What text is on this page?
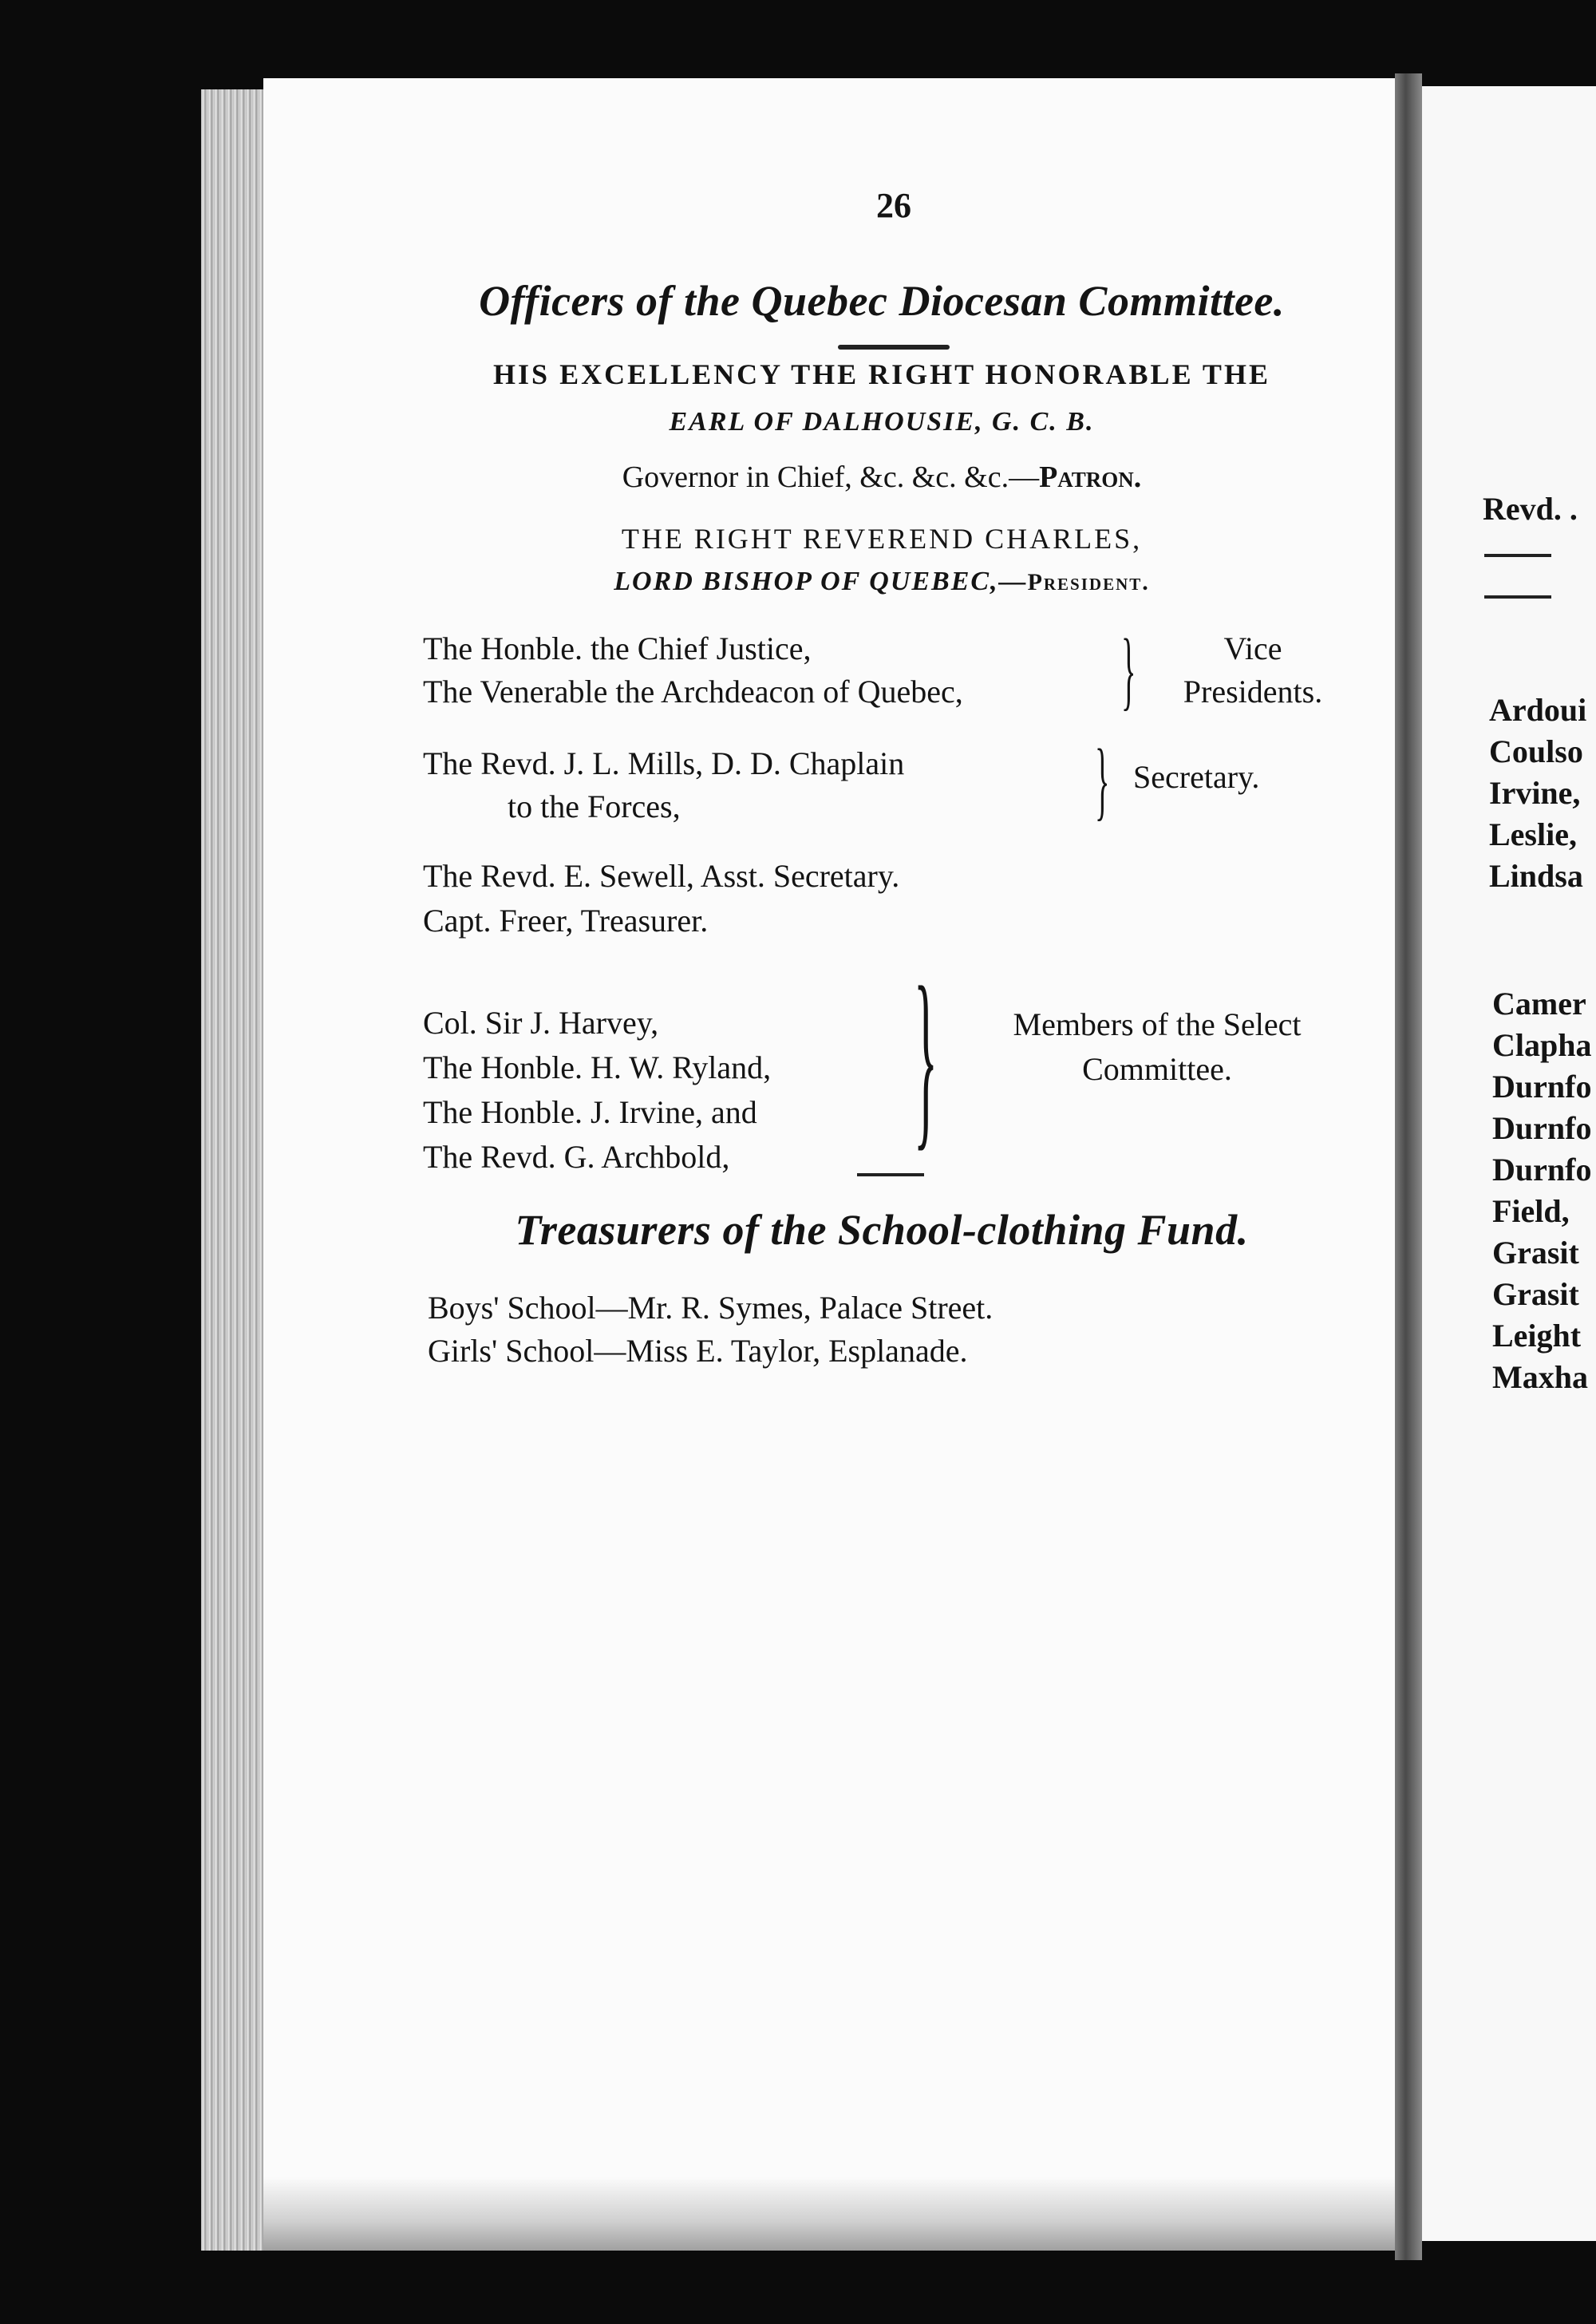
26
Officers of the Quebec Diocesan Committee.
HIS EXCELLENCY THE RIGHT HONORABLE THE
EARL OF DALHOUSIE, G. C. B.
Governor in Chief, &c. &c. &c.—Patron.
THE RIGHT REVEREND CHARLES,
LORD BISHOP OF QUEBEC,—President.
The Honble. the Chief Justice,
The Venerable the Archdeacon of Quebec, }	Vice
Presidents.
The Revd. J. L. Mills, D. D. Chaplain
to the Forces,	} Secretary.
The Revd. E. Sewell, Asst. Secretary.
Capt. Freer, Treasurer.
Col. Sir J. Harvey,
The Honble. H. W. Ryland,
The Honble. J. Irvine, and
The Revd. G. Archbold, }	Members of the Select
Committee.
Treasurers of the School-clothing Fund.
Boys' School—Mr. R. Symes, Palace Street.
Girls' School—Miss E. Taylor, Esplanade.
Revd. .
Ardoui
Coulso
Irvine,
Leslie,
Lindsa
Camer
Clapha
Durnfo
Durnfo
Durnfo
Field,
Grasit
Grasit
Leight
Maxha
